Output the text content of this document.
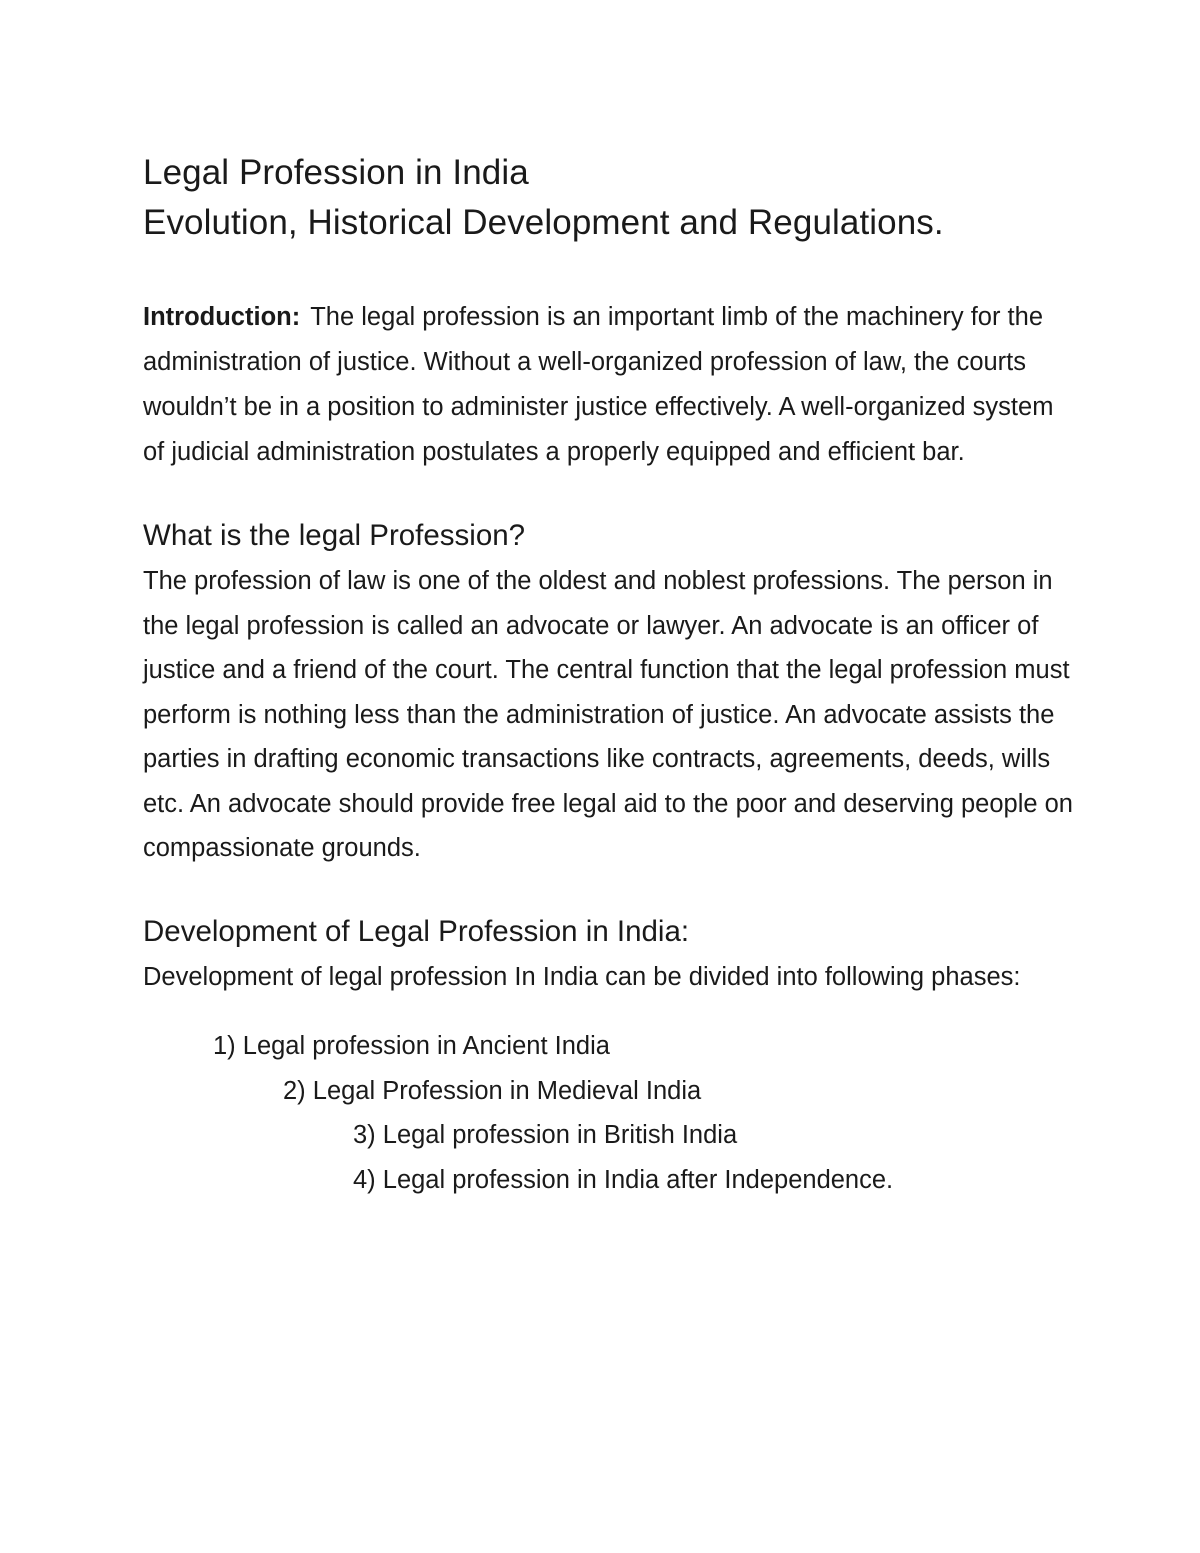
Legal Profession in India
Evolution, Historical Development and Regulations.

Introduction: The legal profession is an important limb of the machinery for the administration of justice. Without a well-organized profession of law, the courts wouldn’t be in a position to administer justice effectively. A well-organized system of judicial administration postulates a properly equipped and efficient bar.

What is the legal Profession?

The profession of law is one of the oldest and noblest professions. The person in the legal profession is called an advocate or lawyer. An advocate is an officer of justice and a friend of the court. The central function that the legal profession must perform is nothing less than the administration of justice. An advocate assists the parties in drafting economic transactions like contracts, agreements, deeds, wills etc. An advocate should provide free legal aid to the poor and deserving people on compassionate grounds.

Development of Legal Profession in India:

Development of legal profession In India can be divided into following phases:

1) Legal profession in Ancient India
2) Legal Profession in Medieval India
3) Legal profession in British India
4) Legal profession in India after Independence.
